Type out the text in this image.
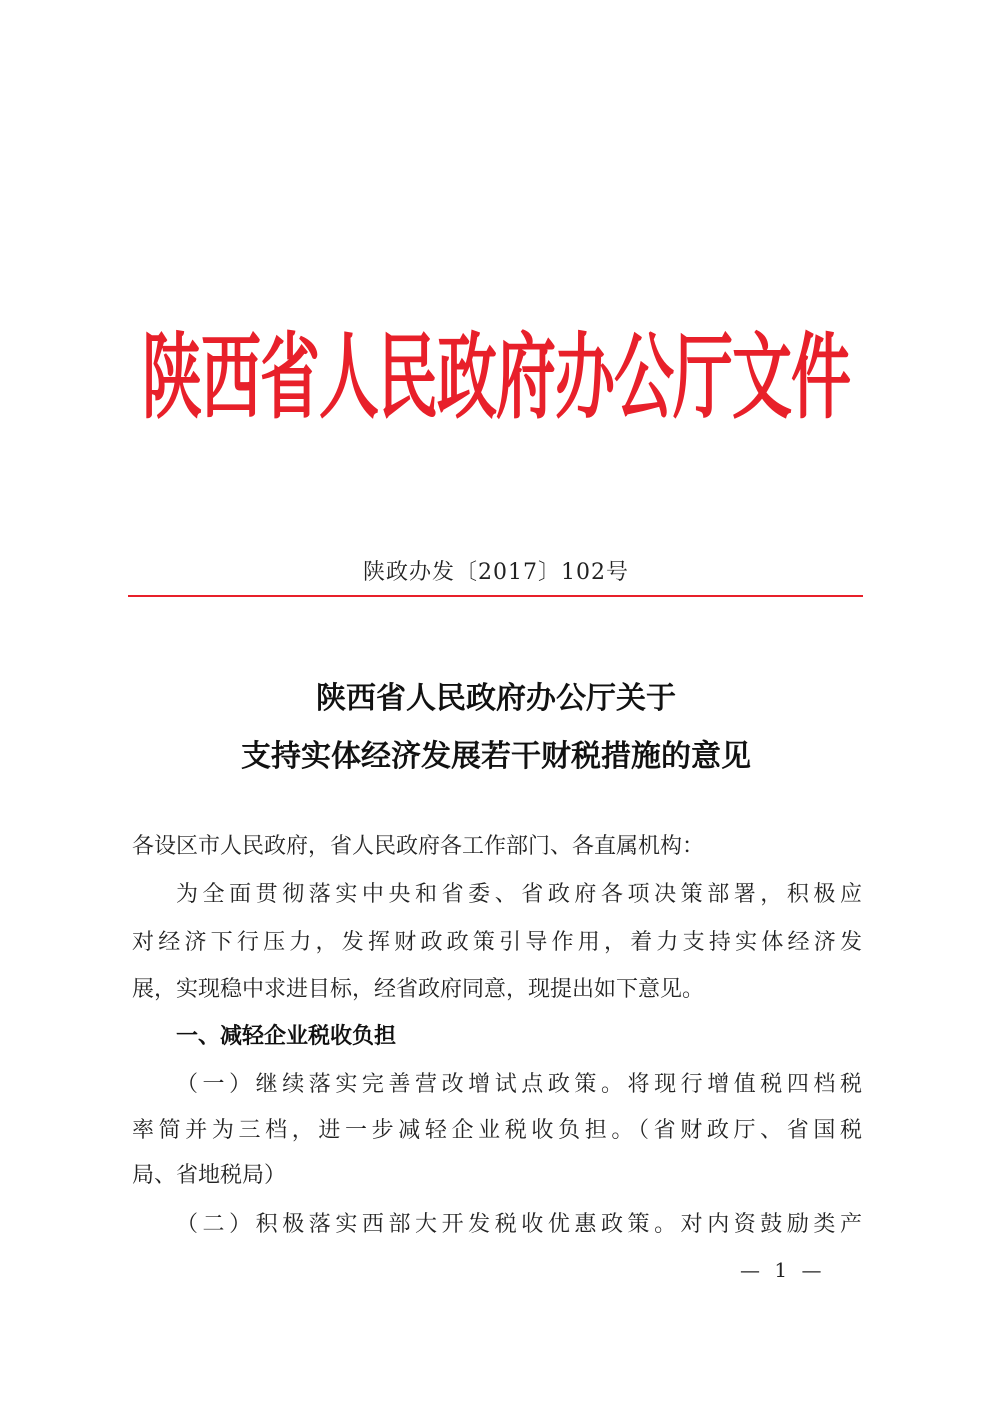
陕西省人民政府办公厅文件
陕政办发〔2017〕102号
陕西省人民政府办公厅关于
支持实体经济发展若干财税措施的意见
各设区市人民政府，省人民政府各工作部门、各直属机构：
为全面贯彻落实中央和省委、省政府各项决策部署，积极应
对经济下行压力，发挥财政政策引导作用，着力支持实体经济发
展，实现稳中求进目标，经省政府同意，现提出如下意见。
一、减轻企业税收负担
（一）继续落实完善营改增试点政策。将现行增值税四档税
率简并为三档，进一步减轻企业税收负担。（省财政厅、省国税
局、省地税局）
（二）积极落实西部大开发税收优惠政策。对内资鼓励类产
— 1 —
